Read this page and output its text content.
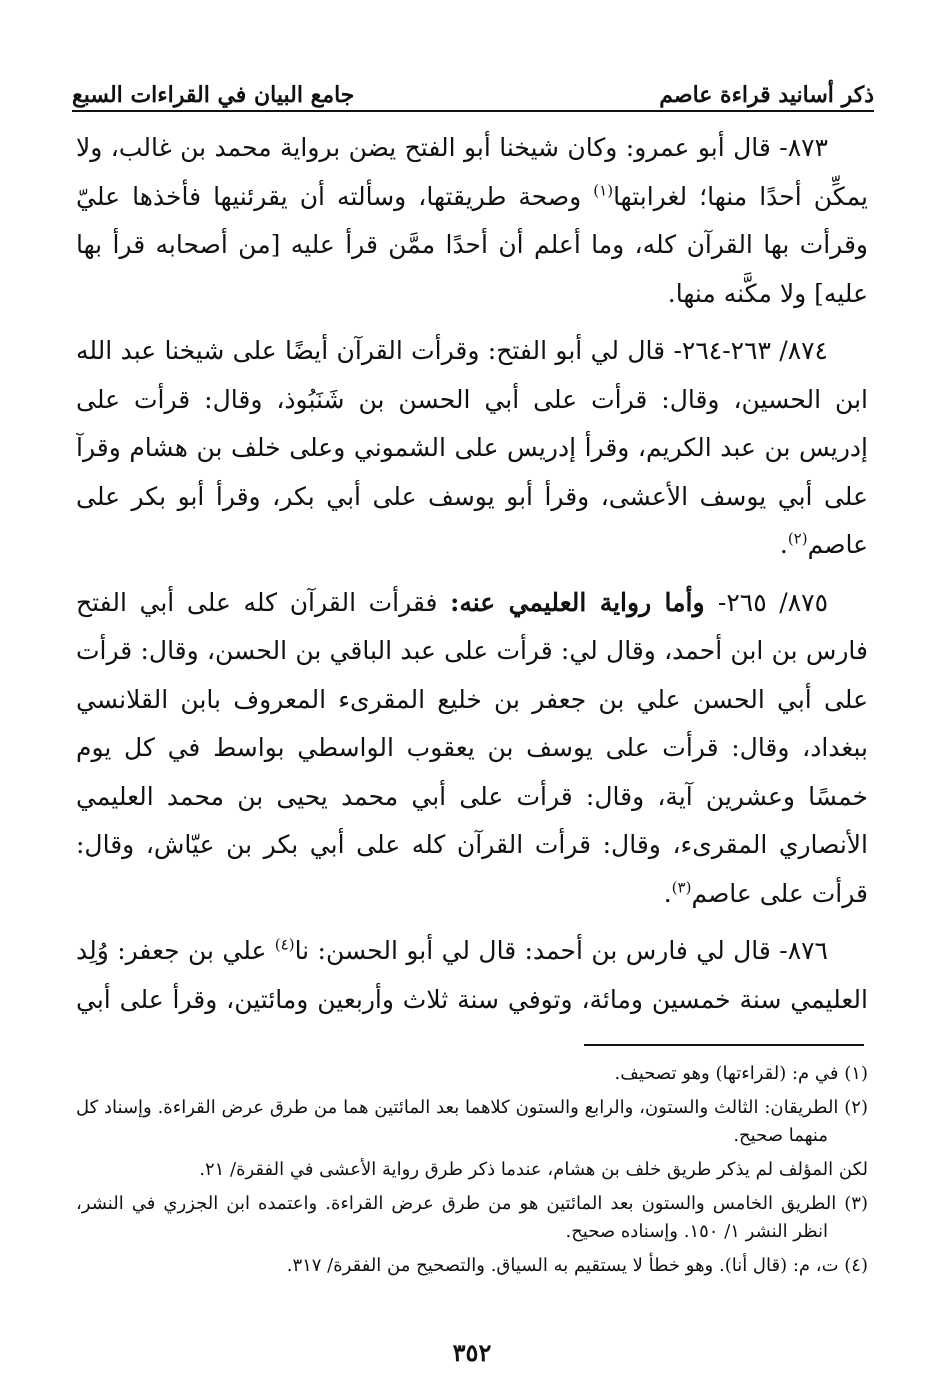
ذكر أسانيد قراءة عاصم
جامع البيان في القراءات السبع

٨٧٣- قال أبو عمرو: وكان شيخنا أبو الفتح يضن برواية محمد بن غالب، ولا يمكِّن أحدًا منها؛ لغرابتها$^{(١)}$ وصحة طريقتها، وسألته أن يقرئنيها فأخذها عليّ وقرأت بها القرآن كله، وما أعلم أن أحدًا ممَّن قرأ عليه [من أصحابه قرأ بها عليه] ولا مكَّنه منها.

٨٧٤/ ٢٦٣-٢٦٤- قال لي أبو الفتح: وقرأت القرآن أيضًا على شيخنا عبد الله ابن الحسين، وقال: قرأت على أبي الحسن بن شَنَبُوذ، وقال: قرأت على إدريس بن عبد الكريم، وقرأ إدريس على الشموني وعلى خلف بن هشام وقرآ على أبي يوسف الأعشى، وقرأ أبو يوسف على أبي بكر، وقرأ أبو بكر على عاصم$^{(٢)}$.

٨٧٥/ ٢٦٥- وأما رواية العليمي عنه: فقرأت القرآن كله على أبي الفتح فارس بن ابن أحمد، وقال لي: قرأت على عبد الباقي بن الحسن، وقال: قرأت على أبي الحسن علي بن جعفر بن خليع المقرىء المعروف بابن القلانسي ببغداد، وقال: قرأت على يوسف بن يعقوب الواسطي بواسط في كل يوم خمسًا وعشرين آية، وقال: قرأت على أبي محمد يحيى بن محمد العليمي الأنصاري المقرىء، وقال: قرأت القرآن كله على أبي بكر بن عيّاش، وقال: قرأت على عاصم$^{(٣)}$.

٨٧٦- قال لي فارس بن أحمد: قال لي أبو الحسن: نا$^{(٤)}$ علي بن جعفر: وُلِد العليمي سنة خمسين ومائة، وتوفي سنة ثلاث وأربعين ومائتين، وقرأ على أبي

(١) في م: (لقراءتها) وهو تصحيف.

(٢) الطريقان: الثالث والستون، والرابع والستون كلاهما بعد المائتين هما من طرق عرض القراءة. وإسناد كل منهما صحيح.

لكن المؤلف لم يذكر طريق خلف بن هشام، عندما ذكر طرق رواية الأعشى في الفقرة/ ٢١.

(٣) الطريق الخامس والستون بعد المائتين هو من طرق عرض القراءة. واعتمده ابن الجزري في النشر، انظر النشر ١/ ١٥٠. وإسناده صحيح.

(٤) ت، م: (قال أنا). وهو خطأ لا يستقيم به السياق. والتصحيح من الفقرة/ ٣١٧.

٣٥٢
